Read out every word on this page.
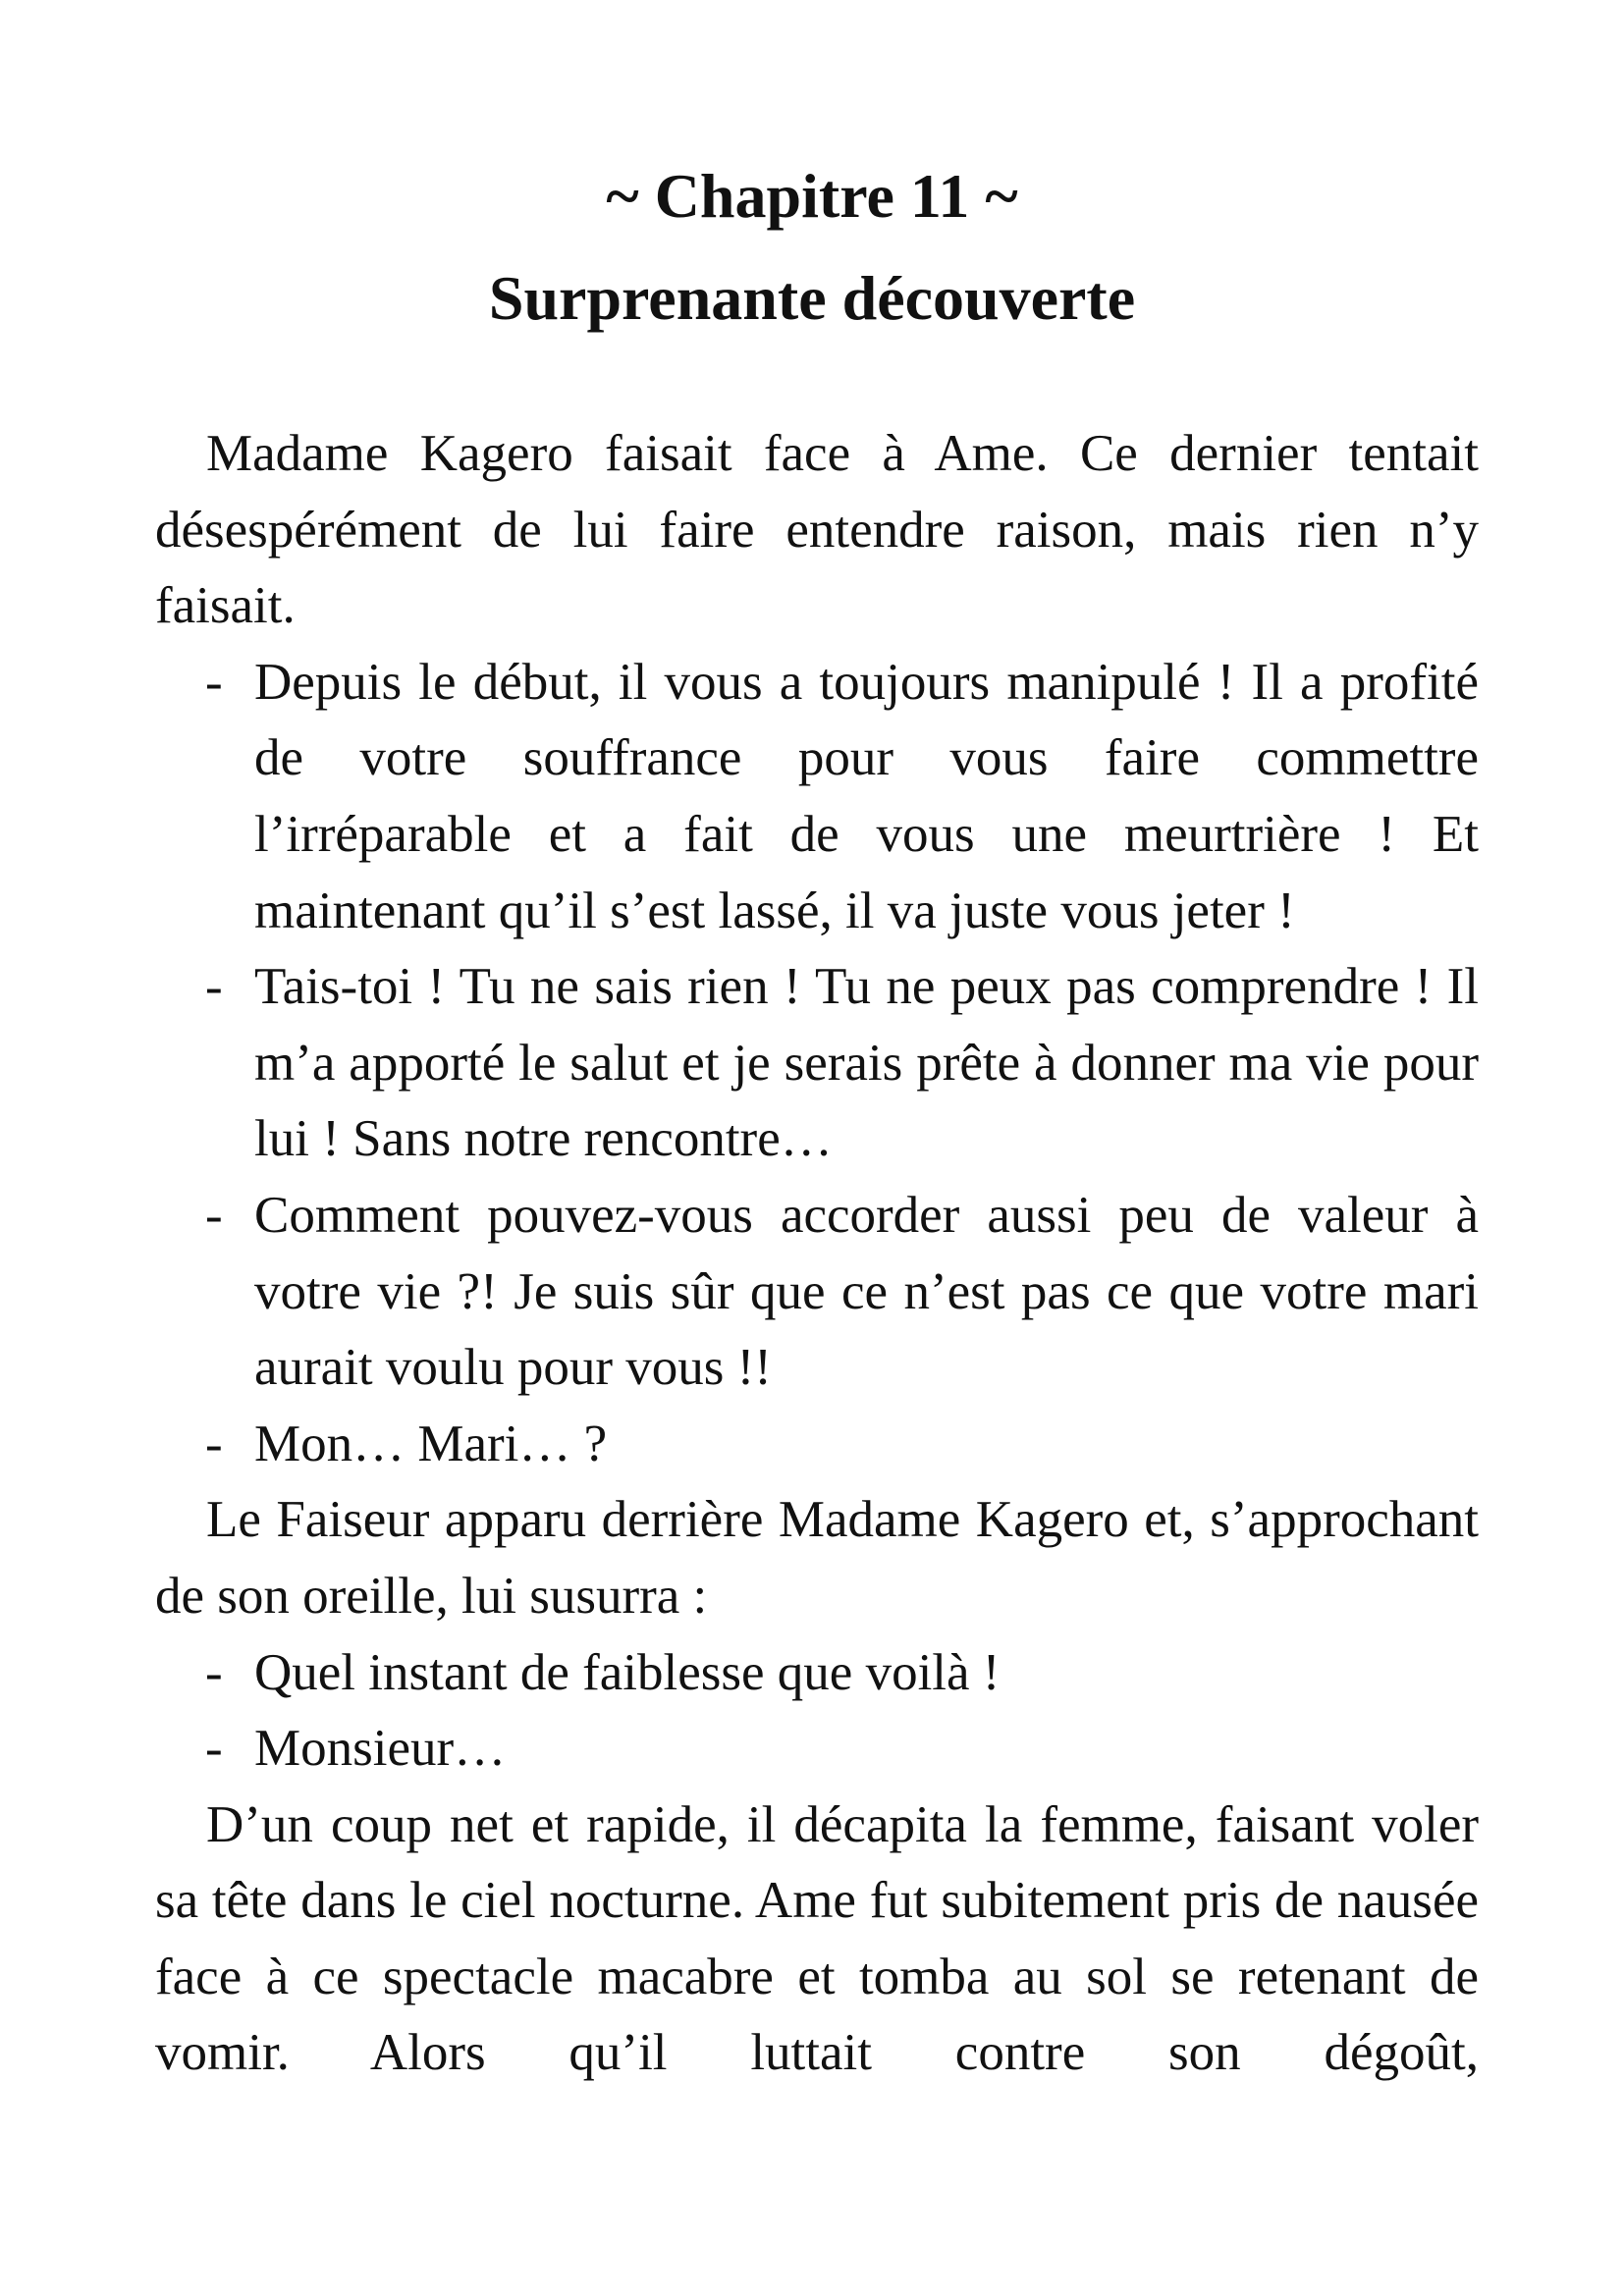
~ Chapitre 11 ~
Surprenante découverte

Madame Kagero faisait face à Ame. Ce dernier tentait désespérément de lui faire entendre raison, mais rien n’y faisait.

- Depuis le début, il vous a toujours manipulé ! Il a profité de votre souffrance pour vous faire commettre l’irréparable et a fait de vous une meurtrière ! Et maintenant qu’il s’est lassé, il va juste vous jeter !

- Tais-toi ! Tu ne sais rien ! Tu ne peux pas comprendre ! Il m’a apporté le salut et je serais prête à donner ma vie pour lui ! Sans notre rencontre…

- Comment pouvez-vous accorder aussi peu de valeur à votre vie ?! Je suis sûr que ce n’est pas ce que votre mari aurait voulu pour vous !!

- Mon… Mari… ?

Le Faiseur apparu derrière Madame Kagero et, s’approchant de son oreille, lui susurra :

- Quel instant de faiblesse que voilà !

- Monsieur…

D’un coup net et rapide, il décapita la femme, faisant voler sa tête dans le ciel nocturne. Ame fut subitement pris de nausée face à ce spectacle macabre et tomba au sol se retenant de vomir. Alors qu’il luttait contre son dégoût,
